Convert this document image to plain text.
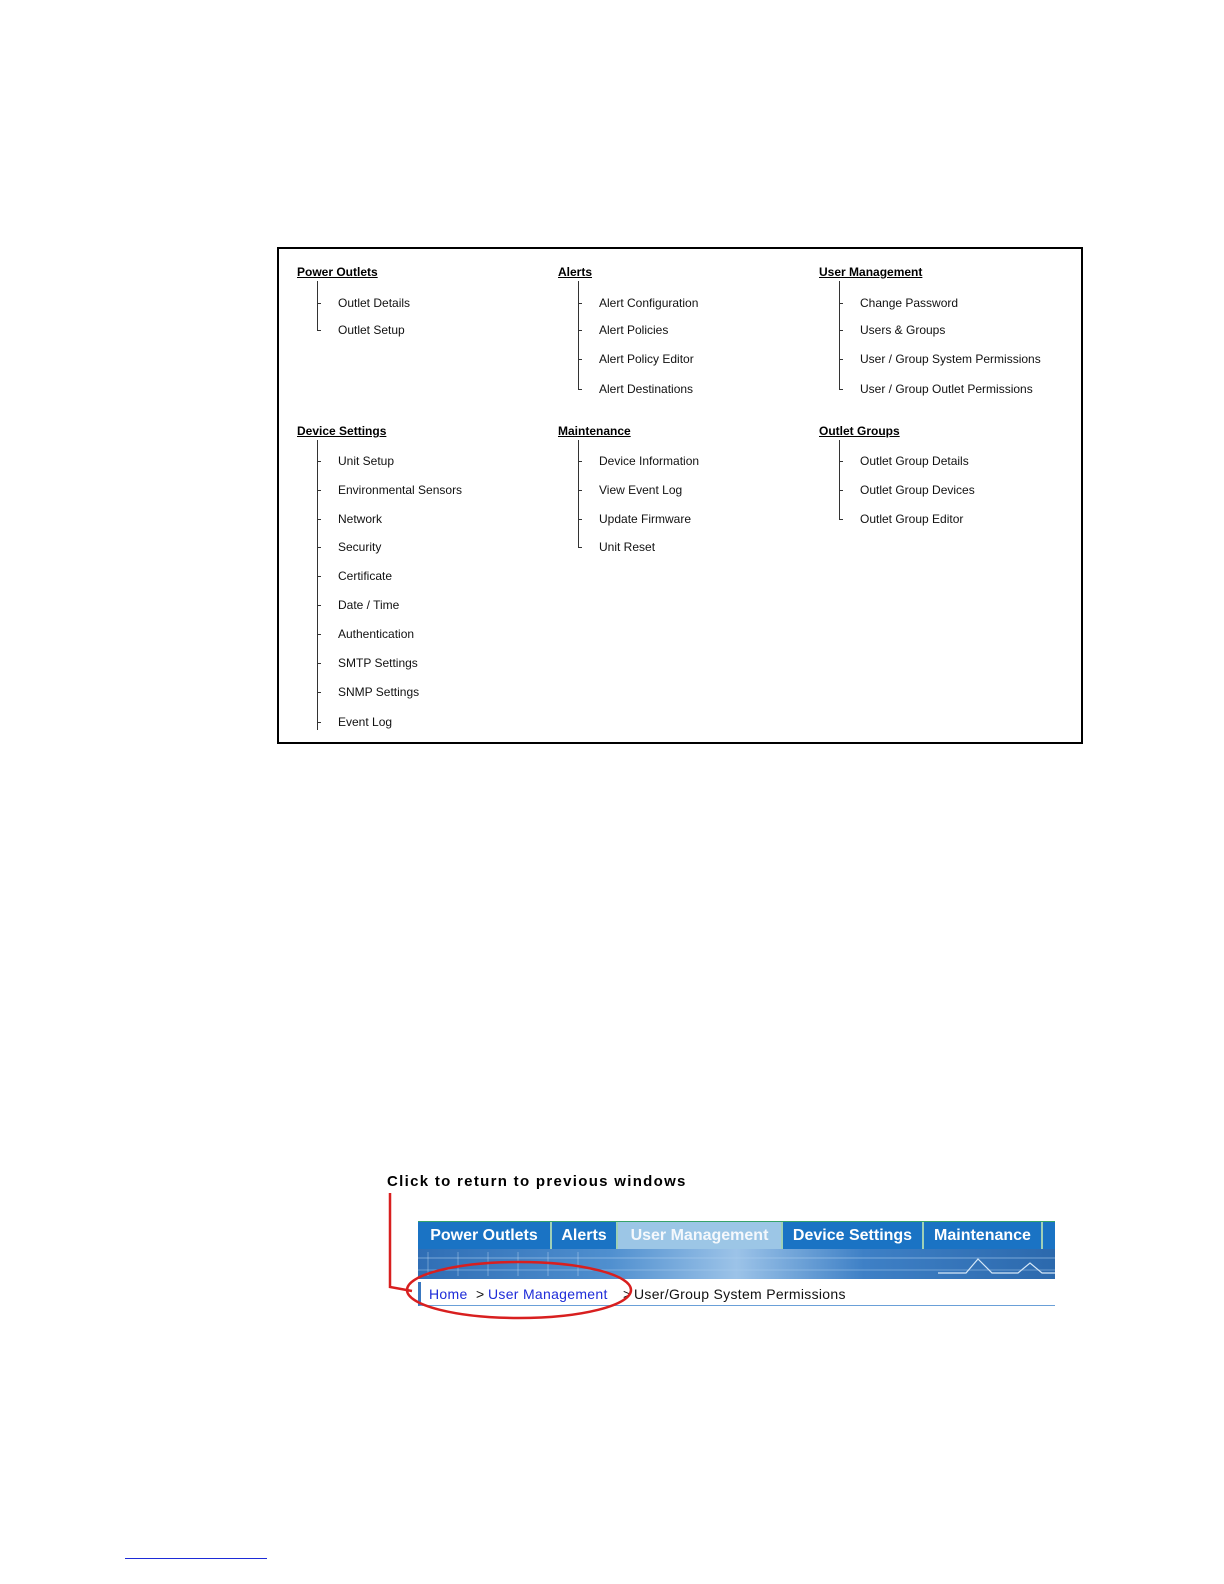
Power Outlets
Outlet Details
Outlet Setup
Alerts
Alert Configuration
Alert Policies
Alert Policy Editor
Alert Destinations
User Management
Change Password
Users & Groups
User / Group System Permissions
User / Group Outlet Permissions
Device Settings
Unit Setup
Environmental Sensors
Network
Security
Certificate
Date / Time
Authentication
SMTP Settings
SNMP Settings
Event Log
Maintenance
Device Information
View Event Log
Update Firmware
Unit Reset
Outlet Groups
Outlet Group Details
Outlet Group Devices
Outlet Group Editor
Click to return to previous windows
Power Outlets	Alerts	User Management	Device Settings	Maintenance
Home > User Management > User/Group System Permissions
